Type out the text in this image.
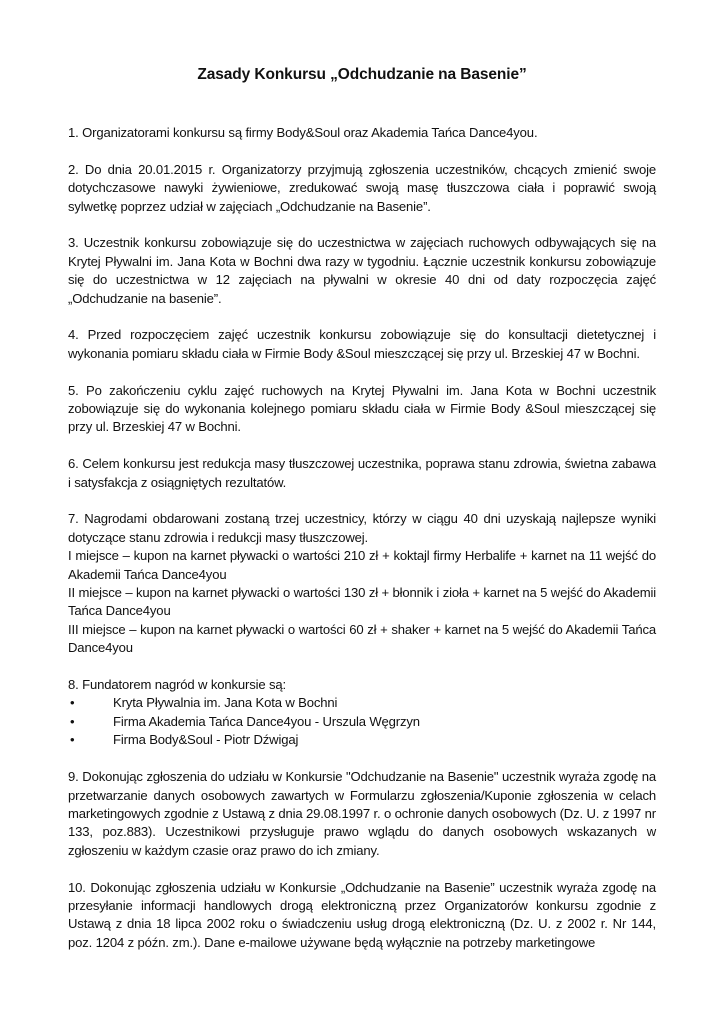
Zasady Konkursu „Odchudzanie na Basenie”

1. Organizatorami konkursu są firmy Body&Soul oraz Akademia Tańca Dance4you.

2. Do dnia 20.01.2015 r. Organizatorzy przyjmują zgłoszenia uczestników, chcących zmienić swoje dotychczasowe nawyki żywieniowe, zredukować swoją masę tłuszczowa ciała i poprawić swoją sylwetkę poprzez udział w zajęciach „Odchudzanie na Basenie”.

3. Uczestnik konkursu zobowiązuje się do uczestnictwa w zajęciach ruchowych odbywających się na Krytej Pływalni im. Jana Kota w Bochni dwa razy w tygodniu. Łącznie uczestnik konkursu zobowiązuje się do uczestnictwa w 12 zajęciach na pływalni w okresie 40 dni od daty rozpoczęcia zajęć „Odchudzanie na basenie”.

4. Przed rozpoczęciem zajęć uczestnik konkursu zobowiązuje się do konsultacji dietetycznej i wykonania pomiaru składu ciała w Firmie Body &Soul mieszczącej się przy ul. Brzeskiej 47 w Bochni.

5. Po zakończeniu cyklu zajęć ruchowych na Krytej Pływalni im. Jana Kota w Bochni uczestnik zobowiązuje się do wykonania kolejnego pomiaru składu ciała w Firmie Body &Soul mieszczącej się przy ul. Brzeskiej 47 w Bochni.

6. Celem konkursu jest redukcja masy tłuszczowej uczestnika, poprawa stanu zdrowia, świetna zabawa i satysfakcja z osiągniętych rezultatów.

7. Nagrodami obdarowani zostaną trzej uczestnicy, którzy w ciągu 40 dni uzyskają najlepsze wyniki dotyczące stanu zdrowia i redukcji masy tłuszczowej.

I miejsce – kupon na karnet pływacki o wartości 210 zł + koktajl firmy Herbalife + karnet na 11 wejść do Akademii Tańca Dance4you

II miejsce – kupon na karnet pływacki o wartości 130 zł + błonnik i zioła + karnet na 5 wejść do Akademii Tańca Dance4you

III miejsce – kupon na karnet pływacki o wartości 60 zł + shaker + karnet na 5 wejść do Akademii Tańca Dance4you

8. Fundatorem nagród w konkursie są:

• Kryta Pływalnia im. Jana Kota w Bochni
• Firma Akademia Tańca Dance4you - Urszula Węgrzyn
• Firma Body&Soul - Piotr Dźwigaj

9. Dokonując zgłoszenia do udziału w Konkursie "Odchudzanie na Basenie" uczestnik wyraża zgodę na przetwarzanie danych osobowych zawartych w Formularzu zgłoszenia/Kuponie zgłoszenia w celach marketingowych zgodnie z Ustawą z dnia 29.08.1997 r. o ochronie danych osobowych (Dz. U. z 1997 nr 133, poz.883). Uczestnikowi przysługuje prawo wglądu do danych osobowych wskazanych w zgłoszeniu w każdym czasie oraz prawo do ich zmiany.

10. Dokonując zgłoszenia udziału w Konkursie „Odchudzanie na Basenie” uczestnik wyraża zgodę na przesyłanie informacji handlowych drogą elektroniczną przez Organizatorów konkursu zgodnie z Ustawą z dnia 18 lipca 2002 roku o świadczeniu usług drogą elektroniczną (Dz. U. z 2002 r. Nr 144, poz. 1204 z późn. zm.). Dane e-mailowe używane będą wyłącznie na potrzeby marketingowe
